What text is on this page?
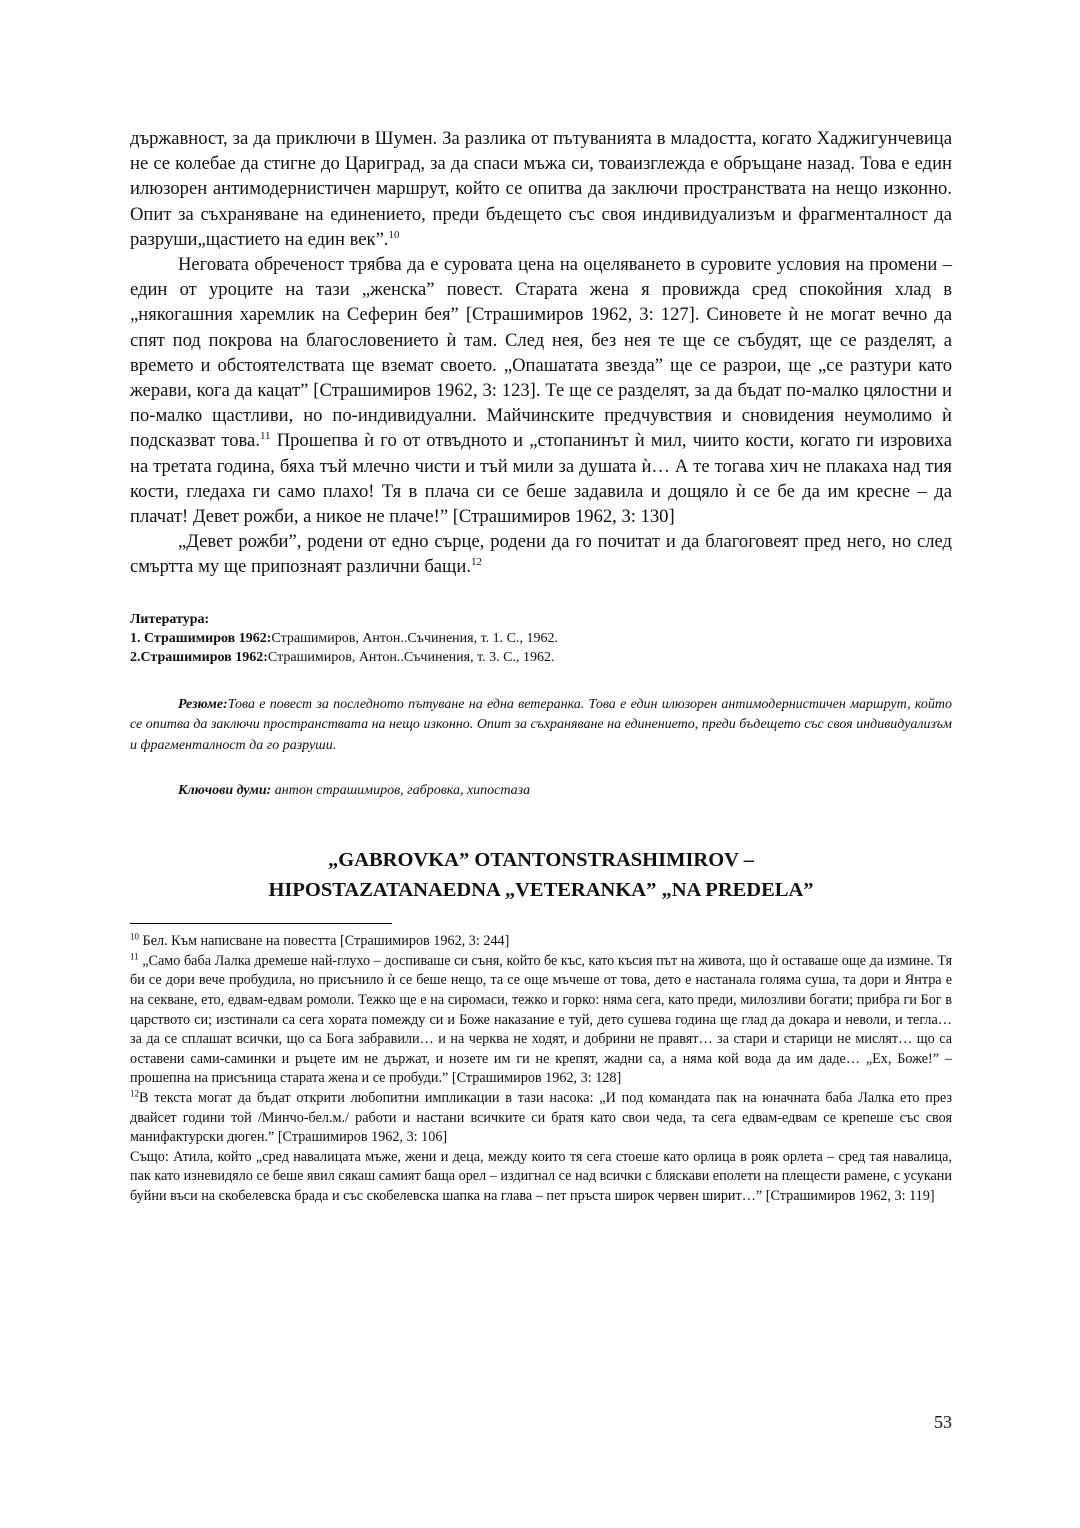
държавност, за да приключи в Шумен. За разлика от пътуванията в младостта, когато Хаджигунчевица не се колебае да стигне до Цариград, за да спаси мъжа си, товаизглежда е обръщане назад. Това е един илюзорен антимодернистичен маршрут, който се опитва да заключи пространствата на нещо изконно. Опит за съхраняване на единението, преди бъдещето със своя индивидуализъм и фрагменталност да разруши„щастието на един век”.$^{10}$

Неговата обреченост трябва да е суровата цена на оцеляването в суровите условия на промени – един от уроците на тази „женска” повест. Старата жена я провижда сред спокойния хлад в „някогашния харемлик на Сеферин бея” [Страшимиров 1962, 3: 127]. Синовете ѝ не могат вечно да спят под покрова на благословението ѝ там. След нея, без нея те ще се събудят, ще се разделят, а времето и обстоятелствата ще вземат своето. „Опашатата звезда” ще се разрои, ще „се разтури като жерави, кога да кацат” [Страшимиров 1962, 3: 123]. Те ще се разделят, за да бъдат по-малко цялостни и по-малко щастливи, но по-индивидуални. Майчинските предчувствия и сновидения неумолимо ѝ подсказват това.$^{11}$ Прошепва ѝ го от отвъдното и „стопанинът ѝ мил, чиито кости, когато ги изровиха на третата година, бяха тъй млечно чисти и тъй мили за душата ѝ… А те тогава хич не плакаха над тия кости, гледаха ги само плахо! Тя в плача си се беше задавила и дощяло ѝ се бе да им кресне – да плачат! Девет рожби, а никое не плаче!” [Страшимиров 1962, 3: 130]

„Девет рожби”, родени от едно сърце, родени да го почитат и да благоговеят пред него, но след смъртта му ще припознаят различни бащи.$^{12}$

Литература:
1. Страшимиров 1962:Страшимиров, Антон..Съчинения, т. 1. С., 1962.
2.Страшимиров 1962:Страшимиров, Антон..Съчинения, т. 3. С., 1962.
Резюме:Това е повест за последното пътуване на една ветеранка. Това е един илюзорен антимодернистичен маршрут, който се опитва да заключи пространствата на нещо изконно. Опит за съхраняване на единението, преди бъдещето със своя индивидуализъм и фрагменталност да го разруши.
Ключови думи: антон страшимиров, габровка, хипостаза
„GABROVKA” OTANTONSTRASHIMIROV –
HIPOSTAZATANAEDNA „VETERANKA” „NA PREDELA”

$^{10}$ Бел. Към написване на повестта [Страшимиров 1962, 3: 244]

$^{11}$ „Само баба Лалка дремеше най-глухо – доспиваше си съня, който бе къс, като късия път на живота, що ѝ оставаше още да измине. Тя би се дори вече пробудила, но присънило ѝ се беше нещо, та се още мъчеше от това, дето е настанала голяма суша, та дори и Янтра е на секване, ето, едвам-едвам ромоли. Тежко ще е на сиромаси, тежко и горко: няма сега, като преди, милозливи богати; прибра ги Бог в царството си; изстинали са сега хората помежду си и Боже наказание е туй, дето сушева година ще глад да докара и неволи, и тегла… за да се сплашат всички, що са Бога забравили… и на черква не ходят, и добрини не правят… за стари и старици не мислят… що са оставени сами-саминки и ръцете им не държат, и нозете им ги не крепят, жадни са, а няма кой вода да им даде… „Ех, Боже!” – прошепна на присъница старата жена и се пробуди.” [Страшимиров 1962, 3: 128]

$^{12}$В текста могат да бъдат открити любопитни импликации в тази насока: „И под командата пак на юначната баба Лалка ето през двайсет години той /Минчо-бел.м./ работи и настани всичките си братя като свои чеда, та сега едвам-едвам се крепеше със своя манифактурски дюген.” [Страшимиров 1962, 3: 106]

Също: Атила, който „сред навалицата мъже, жени и деца, между които тя сега стоеше като орлица в рояк орлета – сред тая навалица, пак като изневидяло се беше явил сякаш самият баща орел – издигнал се над всички с бляскави еполети на плещести рамене, с усукани буйни въси на скобелевска брада и със скобелевска шапка на глава – пет пръста широк червен ширит…” [Страшимиров 1962, 3: 119]

53
